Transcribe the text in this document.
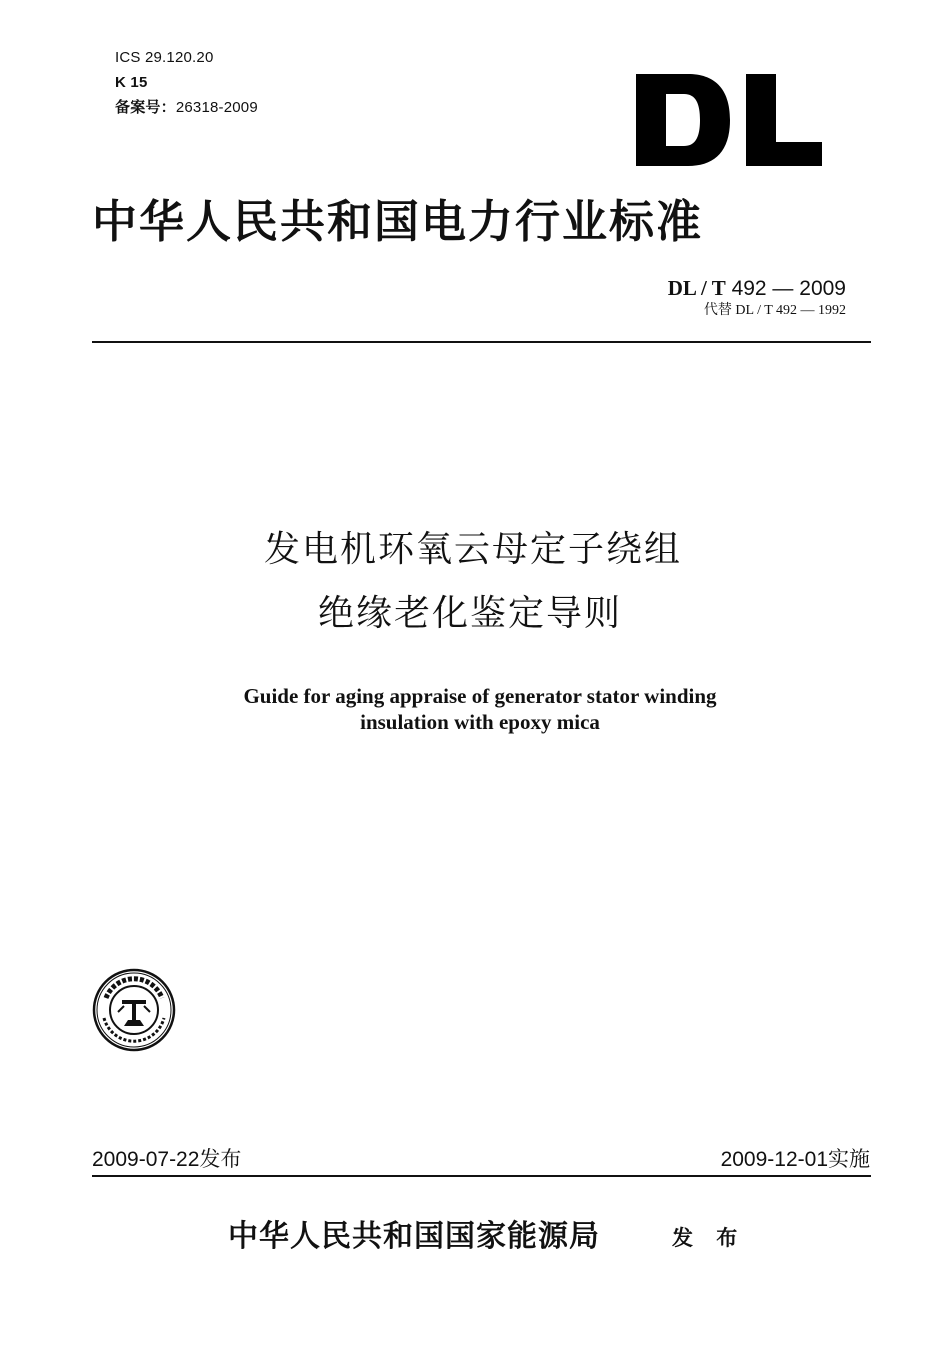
ICS 29.120.20
K 15
备案号：26318-2009
中华人民共和国电力行业标准
DL / T 492 — 2009
代替 DL / T 492 — 1992
发电机环氧云母定子绕组
绝缘老化鉴定导则
Guide for aging appraise of generator stator winding
insulation with epoxy mica
2009-07-22发布	2009-12-01实施
中华人民共和国国家能源局	发 布
